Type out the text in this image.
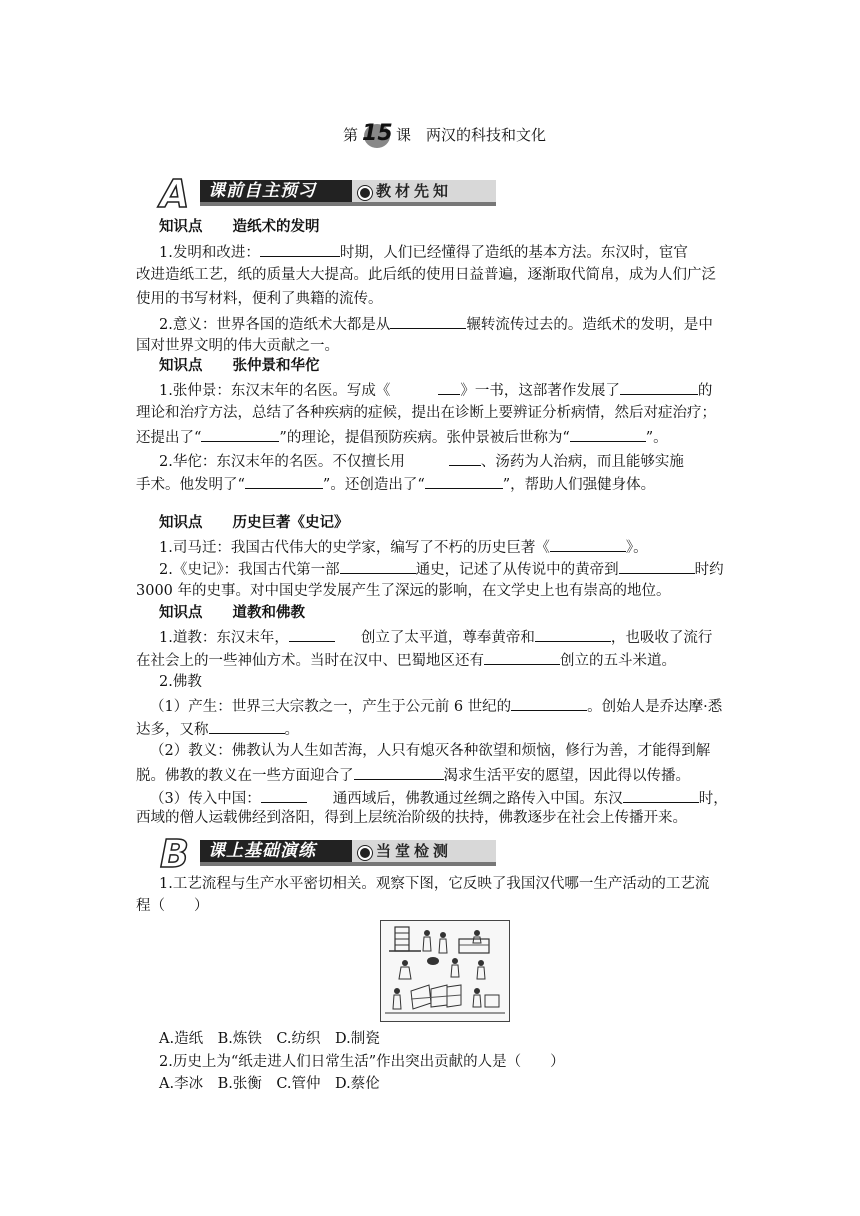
第 15 课　 两汉的科技和文化
A 课前自主预习	教材先知
知识点 造纸术的发明
1.发明和改进：	时期，人们已经懂得了造纸的基本方法。东汉时，宦官
改进造纸工艺，纸的质量大大提高。此后纸的使用日益普遍，逐渐取代简帛，成为人们广泛
使用的书写材料，便利了典籍的流传。
2.意义：世界各国的造纸术大都是从	辗转流传过去的。造纸术的发明，是中
国对世界文明的伟大贡献之一。
知识点 张仲景和华佗
1.张仲景：东汉末年的名医。写成《	》一书，这部著作发展了	的
理论和治疗方法，总结了各种疾病的症候，提出在诊断上要辨证分析病情，然后对症治疗；
还提出了“	”的理论，提倡预防疾病。张仲景被后世称为“	”。
2.华佗：东汉末年的名医。不仅擅长用	、汤药为人治病，而且能够实施
手术。他发明了“	”。还创造出了“	”，帮助人们强健身体。
知识点 历史巨著《史记》
1.司马迁：我国古代伟大的史学家，编写了不朽的历史巨著《	》。
2.《史记》：我国古代第一部	通史，记述了从传说中的黄帝到	时约
3000 年的史事。对中国史学发展产生了深远的影响，在文学史上也有崇高的地位。
知识点 道教和佛教
1.道教：东汉末年，	创立了太平道，尊奉黄帝和	，也吸收了流行
在社会上的一些神仙方术。当时在汉中、巴蜀地区还有	创立的五斗米道。
2.佛教
（1）产生：世界三大宗教之一，产生于公元前 6 世纪的	。创始人是乔达摩·悉
达多，又称	。
（2）教义：佛教认为人生如苦海，人只有熄灭各种欲望和烦恼，修行为善，才能得到解
脱。佛教的教义在一些方面迎合了	渴求生活平安的愿望，因此得以传播。
（3）传入中国：	通西域后，佛教通过丝绸之路传入中国。东汉	时，
西域的僧人运载佛经到洛阳，得到上层统治阶级的扶持，佛教逐步在社会上传播开来。
B 课上基础演练	当堂检测
1.工艺流程与生产水平密切相关。观察下图，它反映了我国汉代哪一生产活动的工艺流
程（　　）
A.造纸　B.炼铁　C.纺织　D.制瓷
2.历史上为“纸走进人们日常生活”作出突出贡献的人是（　　）
A.李冰　B.张衡　C.管仲　D.蔡伦
